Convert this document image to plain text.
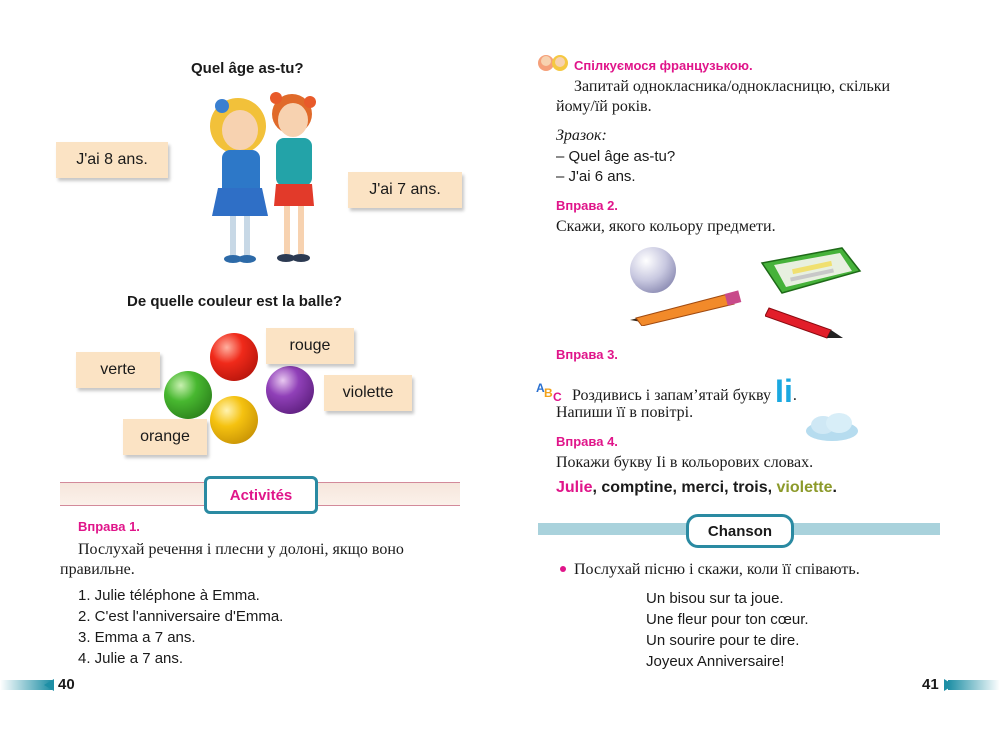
Quel âge as-tu?
J'ai 8 ans.
J'ai 7 ans.
De quelle couleur est la balle?
verte
rouge
violette
orange
Activités
Вправа 1.
Послухай речення і плесни у долоні, якщо воно
правильне.
1. Julie téléphone à Emma.
2. C'est l'anniversaire d'Emma.
3. Emma a 7 ans.
4. Julie a 7 ans.
40
Спілкуємося французькою.
Запитай однокласника/однокласницю, скільки
йому/їй років.
Зразок:
– Quel âge as-tu?
– J'ai 6 ans.
Вправа 2.
Скажи, якого кольору предмети.
Вправа 3.
A B C Роздивись і запам’ятай букву Ii.
Напиши її в повітрі.
Вправа 4.
Покажи букву Ii в кольорових словах.
Julie, comptine, merci, trois, violette.
Chanson
Послухай пісню і скажи, коли її співають.
Un bisou sur ta joue.
Une fleur pour ton cœur.
Un sourire pour te dire.
Joyeux Anniversaire!
41
